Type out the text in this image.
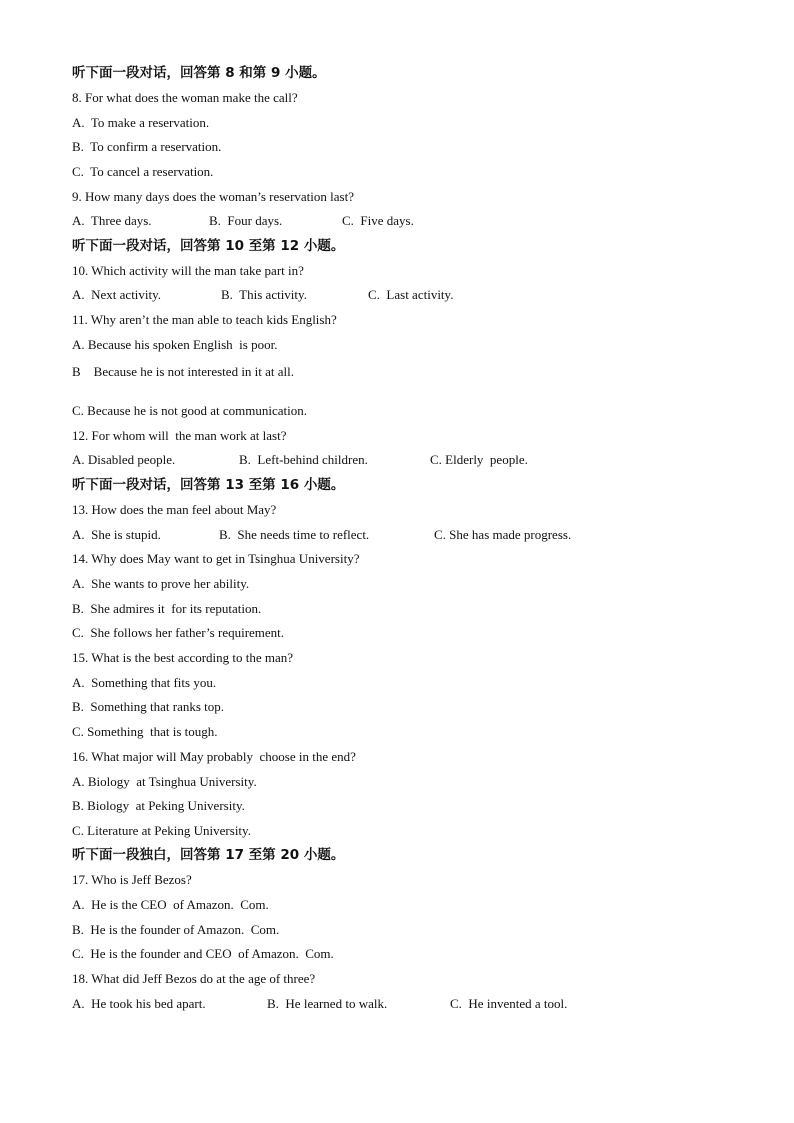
听下面一段对话，回答第 8 和第 9 小题。
8. For what does the woman make the call?
A.  To make a reservation.
B.  To confirm a reservation.
C.  To cancel a reservation.
9. How many days does the woman’s reservation last?
A.  Three days.	B.  Four days.	C.  Five days.
听下面一段对话，回答第 10 至第 12 小题。
10. Which activity will the man take part in?
A.  Next activity.	B.  This activity.	C.  Last activity.
11. Why aren’t the man able to teach kids English?
A. Because his spoken English  is poor.
B    Because he is not interested in it at all.
C. Because he is not good at communication.
12. For whom will  the man work at last?
A. Disabled people.	B.  Left-behind children.	C. Elderly  people.
听下面一段对话，回答第 13 至第 16 小题。
13. How does the man feel about May?
A.  She is stupid.	B.  She needs time to reflect.	C. She has made progress.
14. Why does May want to get in Tsinghua University?
A.  She wants to prove her ability.
B.  She admires it  for its reputation.
C.  She follows her father’s requirement.
15. What is the best according to the man?
A.  Something that fits you.
B.  Something that ranks top.
C. Something  that is tough.
16. What major will May probably  choose in the end?
A. Biology  at Tsinghua University.
B. Biology  at Peking University.
C. Literature at Peking University.
听下面一段独白，回答第 17 至第 20 小题。
17. Who is Jeff Bezos?
A.  He is the CEO  of Amazon.  Com.
B.  He is the founder of Amazon.  Com.
C.  He is the founder and CEO  of Amazon.  Com.
18. What did Jeff Bezos do at the age of three?
A.  He took his bed apart.	B.  He learned to walk.	C.  He invented a tool.
